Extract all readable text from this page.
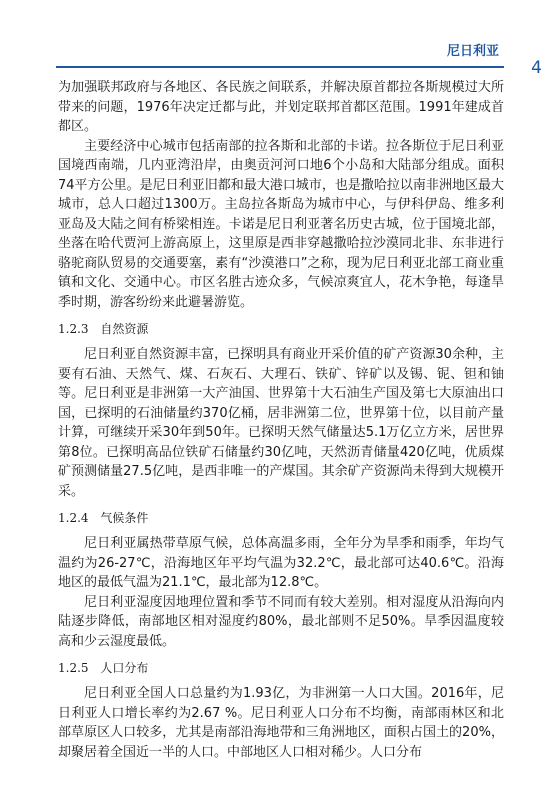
尼日利亚
4

为加强联邦政府与各地区、各民族之间联系，并解决原首都拉各斯规模过大所带来的问题，1976年决定迁都与此，并划定联邦首都区范围。1991年建成首都区。

主要经济中心城市包括南部的拉各斯和北部的卡诺。拉各斯位于尼日利亚国境西南端，几内亚湾沿岸，由奥贡河河口地6个小岛和大陆部分组成。面积74平方公里。是尼日利亚旧都和最大港口城市，也是撒哈拉以南非洲地区最大城市，总人口超过1300万。主岛拉各斯岛为城市中心，与伊科伊岛、维多利亚岛及大陆之间有桥梁相连。卡诺是尼日利亚著名历史古城，位于国境北部，坐落在哈代贾河上游高原上，这里原是西非穿越撒哈拉沙漠同北非、东非进行骆驼商队贸易的交通要塞，素有“沙漠港口”之称，现为尼日利亚北部工商业重镇和文化、交通中心。市区名胜古迹众多，气候凉爽宜人，花木争艳，每逢旱季时期，游客纷纷来此避暑游览。

1.2.3 自然资源

尼日利亚自然资源丰富，已探明具有商业开采价值的矿产资源30余种，主要有石油、天然气、煤、石灰石、大理石、铁矿、锌矿以及锡、铌、钽和铀等。尼日利亚是非洲第一大产油国、世界第十大石油生产国及第七大原油出口国，已探明的石油储量约370亿桶，居非洲第二位，世界第十位，以目前产量计算，可继续开采30年到50年。已探明天然气储量达5.1万亿立方米，居世界第8位。已探明高品位铁矿石储量约30亿吨，天然沥青储量420亿吨，优质煤矿预测储量27.5亿吨，是西非唯一的产煤国。其余矿产资源尚未得到大规模开采。

1.2.4 气候条件

尼日利亚属热带草原气候，总体高温多雨，全年分为旱季和雨季，年均气温约为26-27℃，沿海地区年平均气温为32.2℃，最北部可达40.6℃。沿海地区的最低气温为21.1℃，最北部为12.8℃。

尼日利亚湿度因地理位置和季节不同而有较大差别。相对湿度从沿海向内陆逐步降低，南部地区相对湿度约80%，最北部则不足50%。旱季因温度较高和少云湿度最低。

1.2.5 人口分布

尼日利亚全国人口总量约为1.93亿，为非洲第一人口大国。2016年，尼日利亚人口增长率约为2.67 %。尼日利亚人口分布不均衡，南部雨林区和北部草原区人口较多，尤其是南部沿海地带和三角洲地区，面积占国土的20%，却聚居着全国近一半的人口。中部地区人口相对稀少。人口分布
